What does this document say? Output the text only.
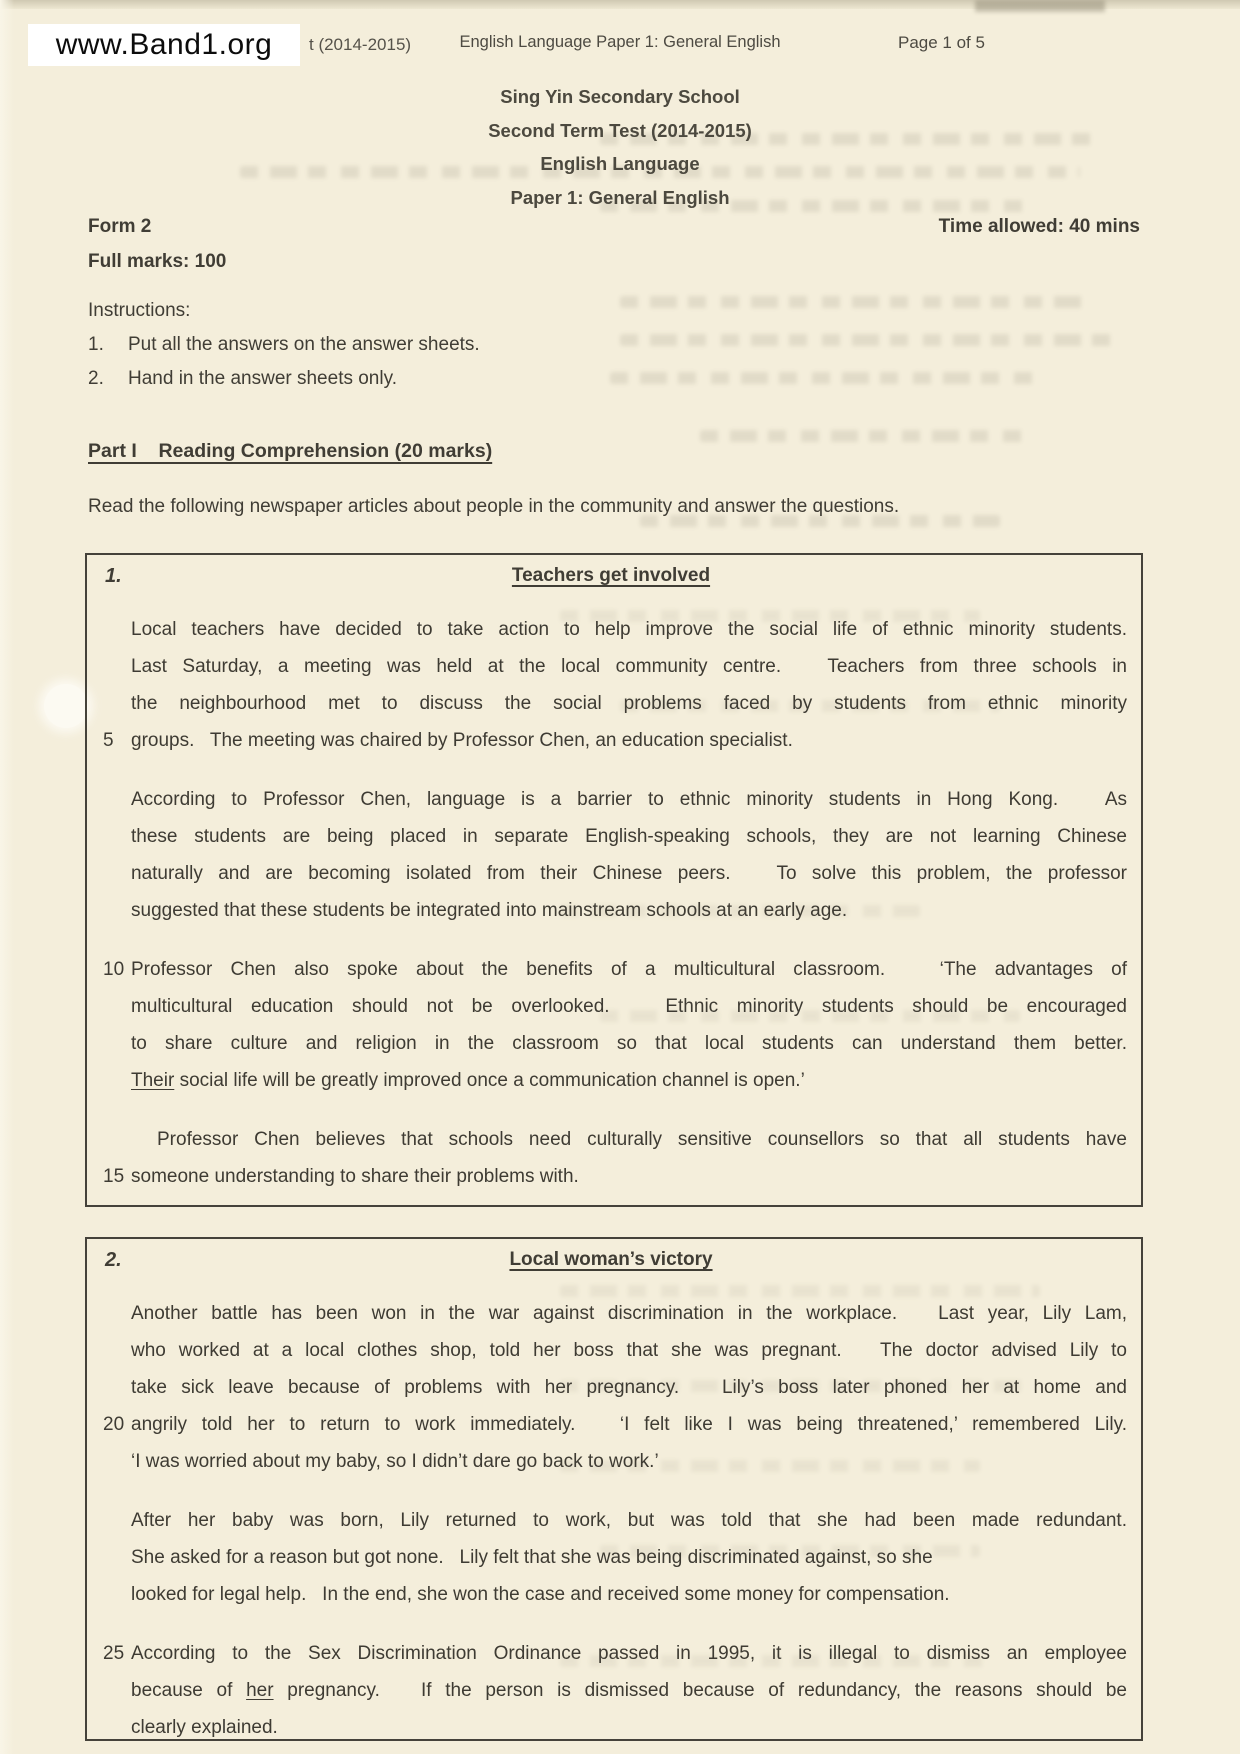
www.Band1.org	t (2014-2015)	English Language Paper 1: General English	Page 1 of 5
Sing Yin Secondary School
Second Term Test (2014-2015)
English Language
Paper 1: General English
Form 2	Time allowed: 40 mins
Full marks: 100
Instructions:
1.	Put all the answers on the answer sheets.
2.	Hand in the answer sheets only.
Part I    Reading Comprehension (20 marks)
Read the following newspaper articles about people in the community and answer the questions.
1.	Teachers get involved
Local teachers have decided to take action to help improve the social life of ethnic minority students.
Last Saturday, a meeting was held at the local community centre.   Teachers from three schools in
the neighbourhood met to discuss the social problems faced by students from ethnic minority
5 groups.   The meeting was chaired by Professor Chen, an education specialist.
According to Professor Chen, language is a barrier to ethnic minority students in Hong Kong.   As
these students are being placed in separate English-speaking schools, they are not learning Chinese
naturally and are becoming isolated from their Chinese peers.   To solve this problem, the professor
suggested that these students be integrated into mainstream schools at an early age.
10 Professor Chen also spoke about the benefits of a multicultural classroom.   ‘The advantages of
multicultural education should not be overlooked.   Ethnic minority students should be encouraged
to share culture and religion in the classroom so that local students can understand them better.
Their social life will be greatly improved once a communication channel is open.’
Professor Chen believes that schools need culturally sensitive counsellors so that all students have
15 someone understanding to share their problems with.
2.	Local woman’s victory
Another battle has been won in the war against discrimination in the workplace.   Last year, Lily Lam,
who worked at a local clothes shop, told her boss that she was pregnant.   The doctor advised Lily to
take sick leave because of problems with her pregnancy.   Lily’s boss later phoned her at home and
20 angrily told her to return to work immediately.   ‘I felt like I was being threatened,’ remembered Lily.
‘I was worried about my baby, so I didn’t dare go back to work.’
After her baby was born, Lily returned to work, but was told that she had been made redundant.
She asked for a reason but got none.   Lily felt that she was being discriminated against, so she
looked for legal help.   In the end, she won the case and received some money for compensation.
25 According to the Sex Discrimination Ordinance passed in 1995, it is illegal to dismiss an employee
because of her pregnancy.   If the person is dismissed because of redundancy, the reasons should be
clearly explained.
